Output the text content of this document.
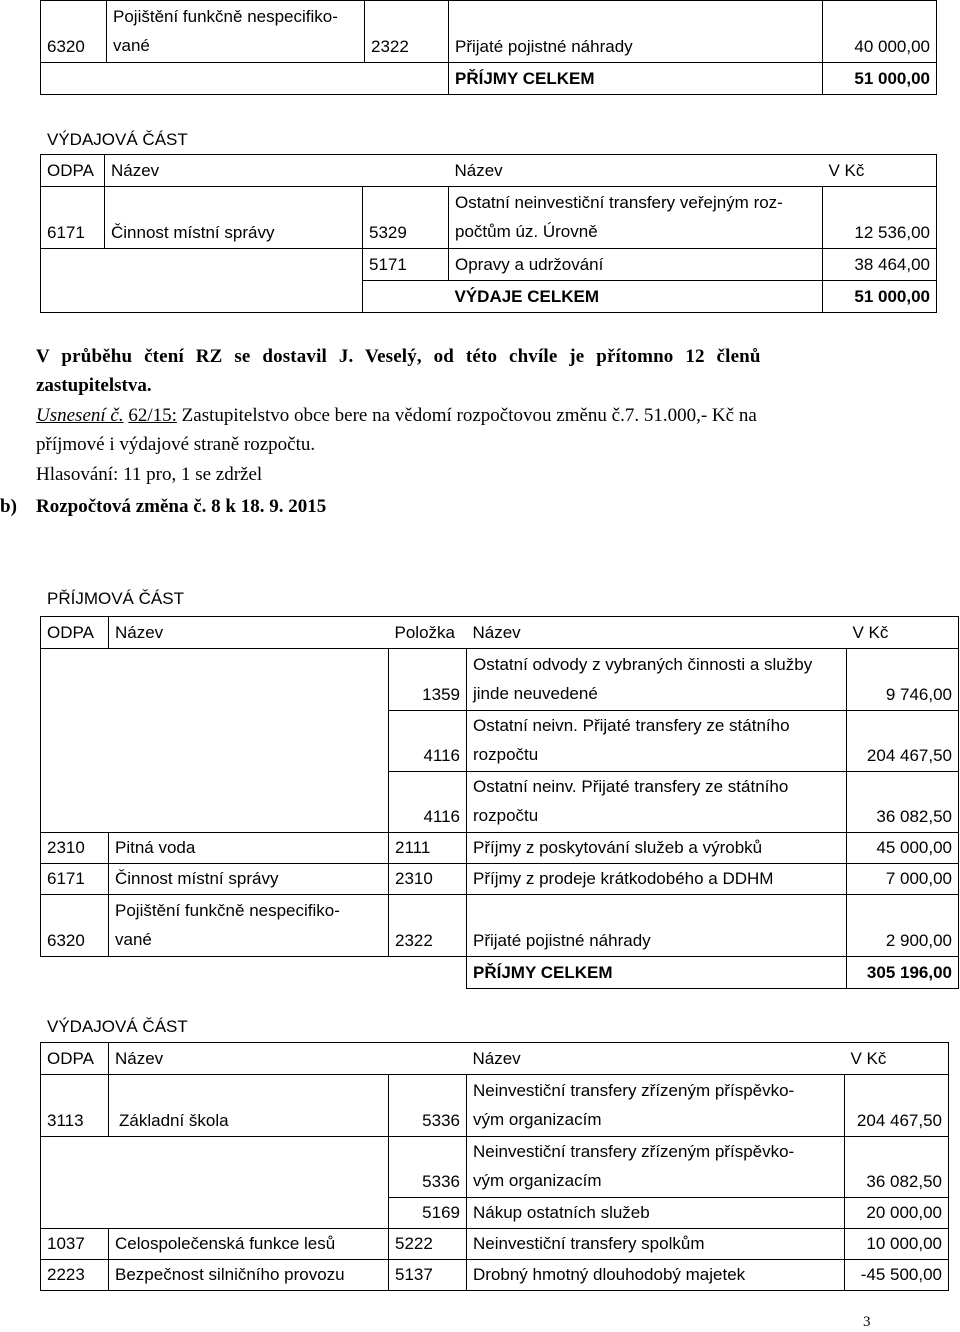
6320	Pojištění funkčně nespecifiko-
vané	2322	Přijaté pojistné náhrady	40 000,00
			PŘÍJMY CELKEM	51 000,00
VÝDAJOVÁ ČÁST
ODPA	Název		Název	V Kč
6171	Činnost místní správy	5329	Ostatní neinvestiční transfery veřejným roz-
počtům úz. Úrovně	12 536,00
		5171	Opravy a udržování	38 464,00
			VÝDAJE CELKEM	51 000,00
V průběhu čtení RZ se dostavil J. Veselý, od této chvíle je přítomno 12 členů
zastupitelstva.
Usnesení č. 62/15: Zastupitelstvo obce bere na vědomí rozpočtovou změnu č.7. 51.000,- Kč na
příjmové i výdajové straně rozpočtu.
Hlasování: 11 pro, 1 se zdržel
b) Rozpočtová změna č. 8 k 18. 9. 2015
PŘÍJMOVÁ ČÁST
ODPA	Název	Položka	Název	V Kč
		1359	Ostatní odvody z vybraných činnosti a služby
jinde neuvedené	9 746,00
		4116	Ostatní neivn. Přijaté transfery ze státního
rozpočtu	204 467,50
		4116	Ostatní neinv. Přijaté transfery ze státního
rozpočtu	36 082,50
2310	Pitná voda	2111	Příjmy z poskytování služeb a výrobků	45 000,00
6171	Činnost místní správy	2310	Příjmy z prodeje krátkodobého a DDHM	7 000,00
6320	Pojištění funkčně nespecifiko-
vané	2322	Přijaté pojistné náhrady	2 900,00
			PŘÍJMY CELKEM	305 196,00
VÝDAJOVÁ ČÁST
ODPA	Název		Název	V Kč
3113	Základní škola	5336	Neinvestiční transfery zřízeným příspěvko-
vým organizacím	204 467,50
		5336	Neinvestiční transfery zřízeným příspěvko-
vým organizacím	36 082,50
		5169	Nákup ostatních služeb	20 000,00
1037	Celospolečenská funkce lesů	5222	Neinvestiční transfery spolkům	10 000,00
2223	Bezpečnost silničního provozu	5137	Drobný hmotný dlouhodobý majetek	-45 500,00
3
